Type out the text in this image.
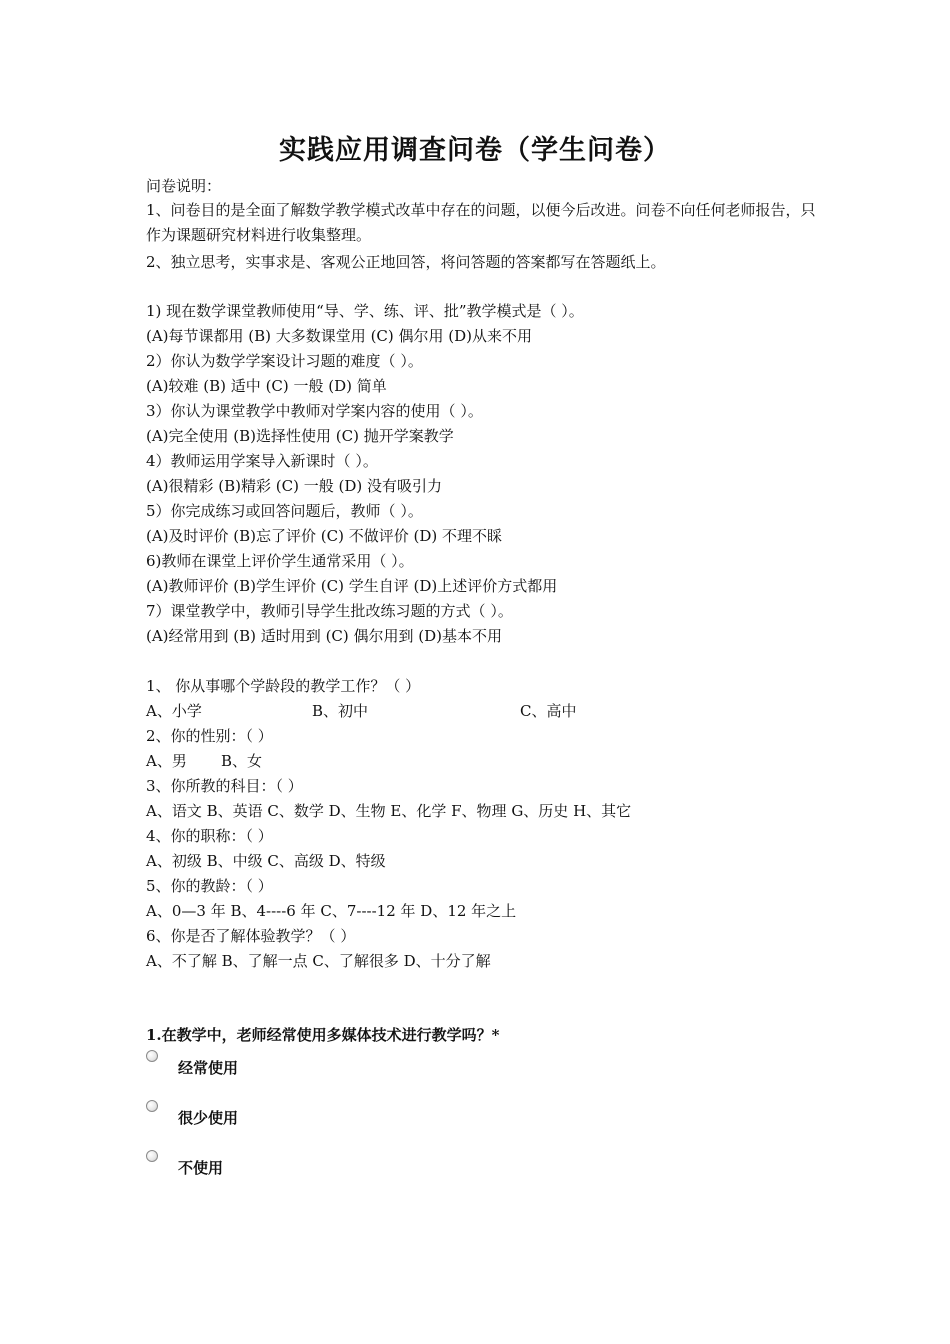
实践应用调查问卷（学生问卷）
问卷说明：
1、问卷目的是全面了解数学教学模式改革中存在的问题，以便今后改进。问卷不向任何老师报告，只作为课题研究材料进行收集整理。
2、独立思考，实事求是、客观公正地回答，将问答题的答案都写在答题纸上。
1) 现在数学课堂教师使用“导、学、练、评、批”教学模式是（ ）。
(A)每节课都用 (B) 大多数课堂用 (C) 偶尔用 (D)从来不用
2）你认为数学学案设计习题的难度（ ）。
(A)较难 (B) 适中 (C) 一般 (D) 简单
3）你认为课堂教学中教师对学案内容的使用（ ）。
(A)完全使用 (B)选择性使用 (C) 抛开学案教学
4）教师运用学案导入新课时（ ）。
(A)很精彩 (B)精彩 (C) 一般 (D) 没有吸引力
5）你完成练习或回答问题后，教师（ ）。
(A)及时评价 (B)忘了评价 (C) 不做评价 (D) 不理不睬
6)教师在课堂上评价学生通常采用（ ）。
(A)教师评价 (B)学生评价 (C) 学生自评 (D)上述评价方式都用
7）课堂教学中，教师引导学生批改练习题的方式（ ）。
(A)经常用到 (B) 适时用到 (C) 偶尔用到 (D)基本不用
1、 你从事哪个学龄段的教学工作？（ ）
A、小学	B、初中	C、高中
2、你的性别：（ ）
A、男 B、女
3、你所教的科目：（ ）
A、语文 B、英语 C、数学 D、生物 E、化学 F、物理 G、历史 H、其它
4、你的职称：（ ）
A、初级 B、中级 C、高级 D、特级
5、你的教龄：（ ）
A、0—3 年 B、4----6 年 C、7----12 年 D、12 年之上
6、你是否了解体验教学？（ ）
A、不了解 B、了解一点 C、了解很多 D、十分了解
1.在教学中，老师经常使用多媒体技术进行教学吗？*
经常使用
很少使用
不使用
